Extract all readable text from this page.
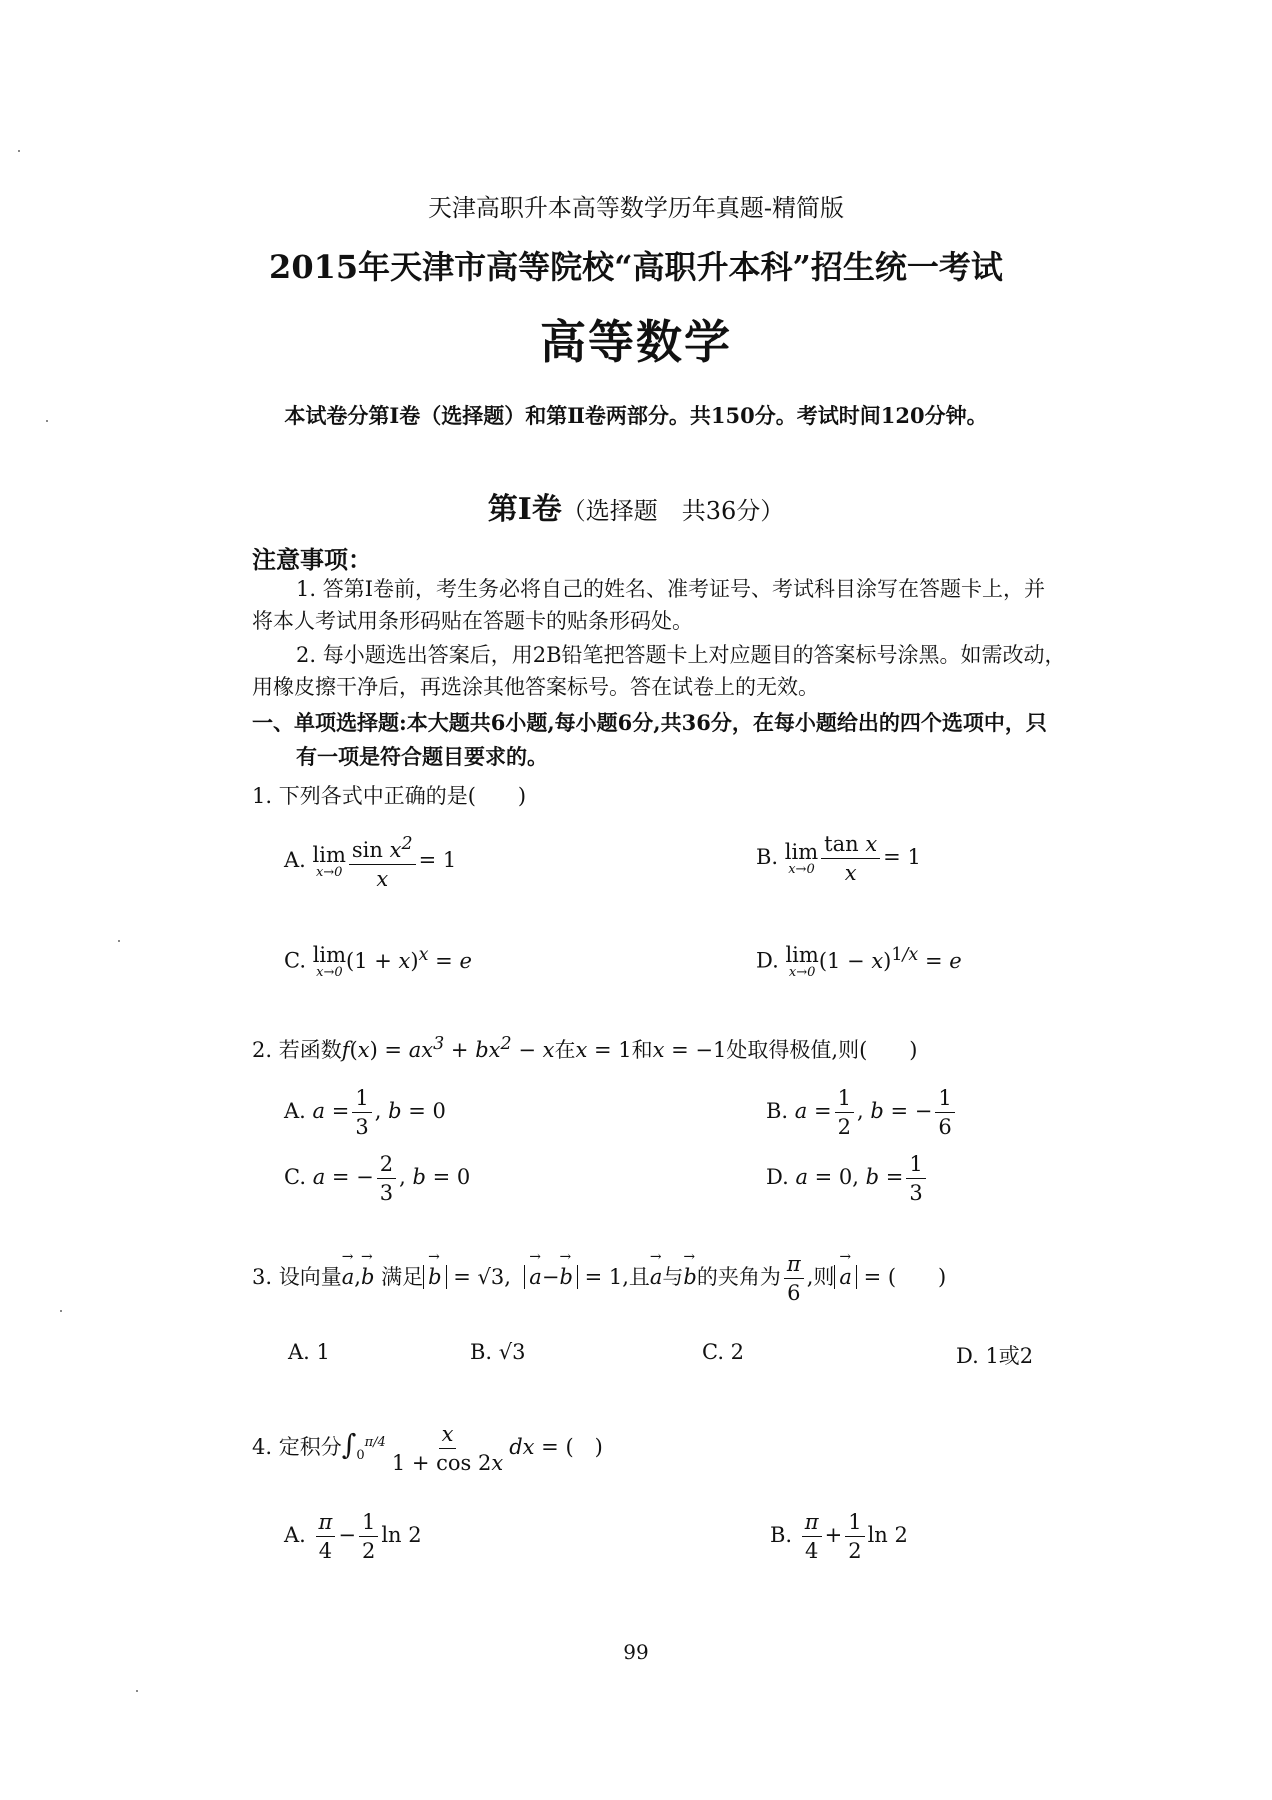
天津高职升本高等数学历年真题-精简版
2015年天津市高等院校“高职升本科”招生统一考试
高等数学
本试卷分第Ⅰ卷（选择题）和第Ⅱ卷两部分。共150分。考试时间120分钟。
第Ⅰ卷（选择题　共36分）
注意事项：
1. 答第Ⅰ卷前，考生务必将自己的姓名、准考证号、考试科目涂写在答题卡上，并
将本人考试用条形码贴在答题卡的贴条形码处。
2. 每小题选出答案后，用2B铅笔把答题卡上对应题目的答案标号涂黑。如需改动，
用橡皮擦干净后，再选涂其他答案标号。答在试卷上的无效。
一、单项选择题:本大题共6小题,每小题6分,共36分，在每小题给出的四个选项中，只
有一项是符合题目要求的。
1. 下列各式中正确的是(　　)
A. lim
$x\to 0 \frac{\sin x^2}{x} = 1$	B. lim
$x\to 0 \frac{\text{tan x}}{x} = 1$
C. lim
x→0 $(1 + x)^x = e$	D. lim
x→0 $(1 - x)^{1/x} = e$
2. 若函数$f(x) = ax^3 + bx^2 - x$在x = 1和x = −1处取得极值,则(　　)
A. $a = \frac{1}{3}$ , b = 0	B. $a = \frac{1}{2}$ , b = − $\frac{1}{6}$
C. a = − $\frac{2}{3}$ , b = 0	D. a = 0, $b = \frac{1}{3}$
3. 设向量→ a,→ b 满足 → b = √3, → a−→ b = 1,且→ a与→ b的夹角为 $\frac{\pi}{6}$ ,则 → a = (　　)
A. 1	B. √3	C. 2	D. 1或2
4. 定积分$\int_0^{\pi/4} \frac{x}{1 + \cos 2x}$ dx = (　)
A. $\frac{\pi}{4} - \frac{1}{2}$ ln 2	B. $\frac{\pi}{4} + \frac{1}{2}$ ln 2
99
